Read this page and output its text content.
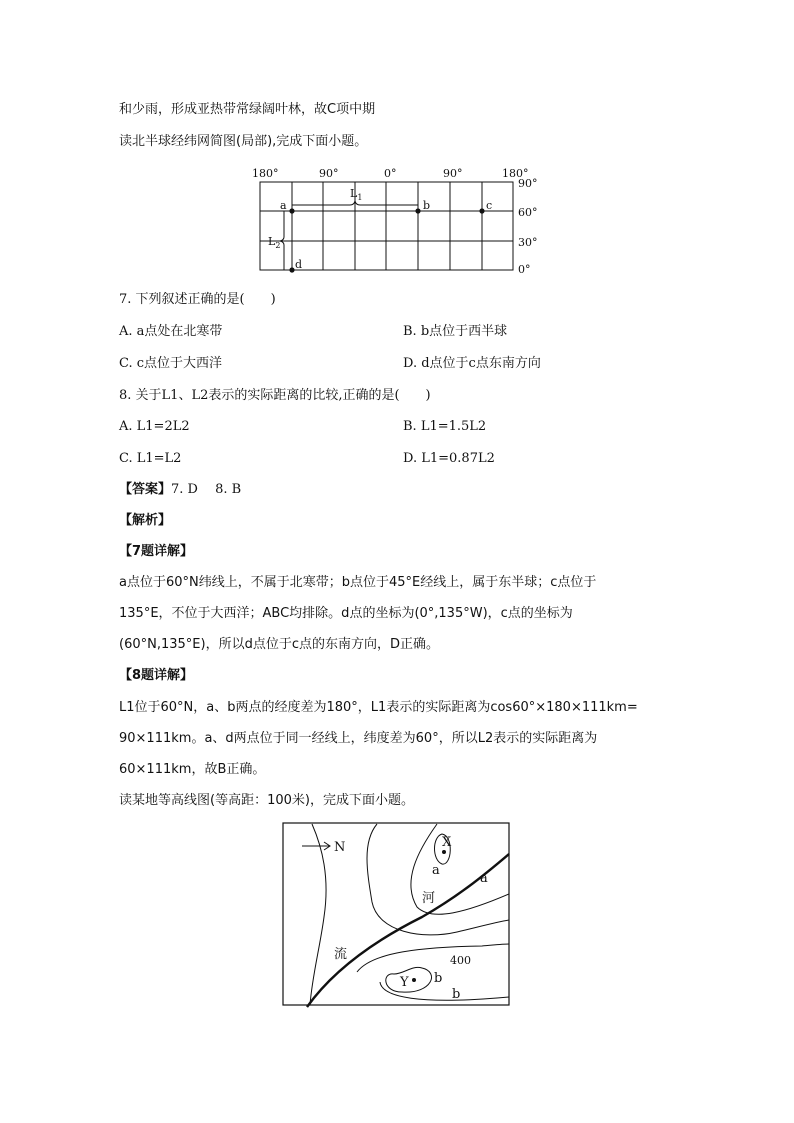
和少雨，形成亚热带常绿阔叶林，故C项中期
读北半球经纬网简图(局部),完成下面小题。
180°	90°	0°	90°	180°
90°
60°
30°
0°
a	b	c
d
$L_1$
$L_2$
7. 下列叙述正确的是(　　)
A. a点处在北寒带	B. b点位于西半球
C. c点位于大西洋	D. d点位于c点东南方向
8. 关于L1、L2表示的实际距离的比较,正确的是(　　)
A. L1=2L2	B. L1=1.5L2
C. L1=L2	D. L1=0.87L2
【答案】7. D　 8. B
【解析】
【7题详解】
a点位于60°N纬线上，不属于北寒带；b点位于45°E经线上，属于东半球；c点位于
135°E，不位于大西洋；ABC均排除。d点的坐标为(0°,135°W)，c点的坐标为
(60°N,135°E)，所以d点位于c点的东南方向，D正确。
【8题详解】
L1位于60°N，a、b两点的经度差为180°，L1表示的实际距离为cos60°×180×111km=
90×111km。a、d两点位于同一经线上，纬度差为60°，所以L2表示的实际距离为
60×111km，故B正确。
读某地等高线图(等高距：100米)，完成下面小题。
N	X
a
a
河
流	400
Y b
b
